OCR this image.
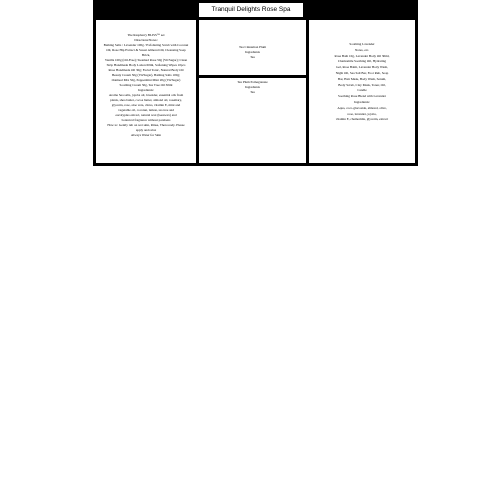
Tranquil Delights Rose Spa
The Raspberry BLISS™ set
Directions/Notes:
Bathing Salts / Lavender 100g / Exfoliating Scrub with Coconut
Oil, Rose Hip Extract & Sweet Almond Oil, Cleansing Soap Brick,
Vanilla 100g (Oil-Free); Steamed Rose 50g (Vit/Sugar); Clean
Strip Handmade Body Lotion 60ml, Softening Wipes 10pcs
Rose Handmade Oil 30g; Facial Tonic, Natural Body Oil
Beauty Cream 50g (Vit/Sugar), Bathing Salts 100g;
Oatmeal Mix 50g, Peppermint Mint 20g (Vit/Sugar)
Soothing Cream 50g, Tea Tree Oil 30ml
Ingredients:
Aroma Sea salts, jojoba oil, lavender, essential oils from
plants, shea butter, cocoa butter, almond oil, rosemary,
glycerin, rose, aloe vera, citrus, vitamin E, mint and
vegetable oil, coconut, lemon, tea tree and
eucalyptus extract, natural wax (beeswax) and
botanical fragrance without parabens
How to: Gently rub on wet skin, Rinse, Then ready. Please
apply and relax
Always Water for Skin
Tea Cinnamon Plum
Ingredients
Tea
Tea Plum Pomegranate
Ingredients
Tea
Soothing Lavender
Notes, etc.
Rose Bath 10g, Lavender Body Oil 30ml,
Chamomile Soothing Oil, Hydrating
Gel, Rose Balm, Lavender Body Wash,
Night Oil, Sea Salt Bar, Foot Rub, Soap
Bar, Hair Mask, Body Wash, Serum,
Body Scrub, Clay Mask, Toner, Oil,
Candle
Soothing Rose Blend with Lavender
Ingredients:
Aqua, coco-glucoside, almond, olive,
rose, lavender, jojoba,
vitamin E, chamomile, glycerin, extract
